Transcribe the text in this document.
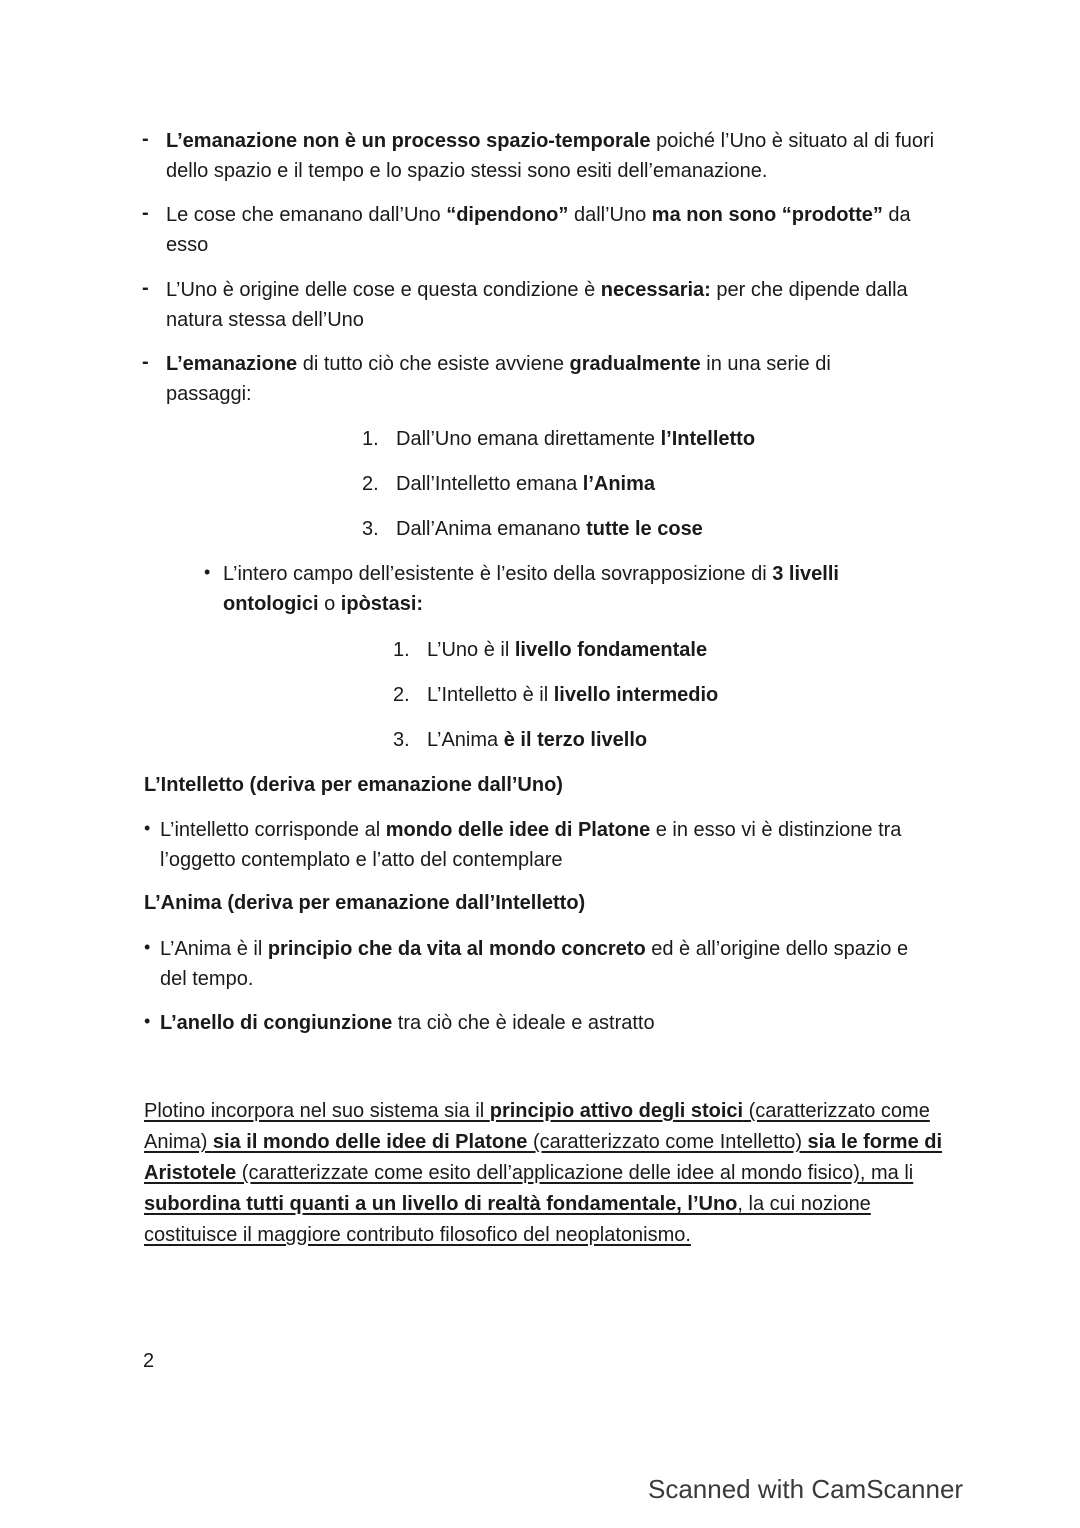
- L’emanazione non è un processo spazio-temporale poiché l’Uno è situato al di fuori dello spazio e il tempo e lo spazio stessi sono esiti dell’emanazione.
- Le cose che emanano dall’Uno “dipendono” dall’Uno ma non sono “prodotte” da esso
- L’Uno è origine delle cose e questa condizione è necessaria: per che dipende dalla natura stessa dell’Uno
- L’emanazione di tutto ciò che esiste avviene gradualmente in una serie di passaggi:
1. Dall’Uno emana direttamente l’Intelletto
2. Dall’Intelletto emana l’Anima
3. Dall’Anima emanano tutte le cose
• L’intero campo dell’esistente è l’esito della sovrapposizione di 3 livelli ontologici o ipòstasi:
1. L’Uno è il livello fondamentale
2. L’Intelletto è il livello intermedio
3. L’Anima è il terzo livello
L’Intelletto (deriva per emanazione dall’Uno)
• L’intelletto corrisponde al mondo delle idee di Platone e in esso vi è distinzione tra l’oggetto contemplato e l’atto del contemplare
L’Anima (deriva per emanazione dall’Intelletto)
• L’Anima è il principio che da vita al mondo concreto ed è all’origine dello spazio e del tempo.
• L’anello di congiunzione tra ciò che è ideale e astratto
Plotino incorpora nel suo sistema sia il principio attivo degli stoici (caratterizzato come Anima) sia il mondo delle idee di Platone (caratterizzato come Intelletto) sia le forme di Aristotele (caratterizzate come esito dell’applicazione delle idee al mondo fisico), ma li subordina tutti quanti a un livello di realtà fondamentale, l’Uno, la cui nozione costituisce il maggiore contributo filosofico del neoplatonismo.
2
Scanned with CamScanner
